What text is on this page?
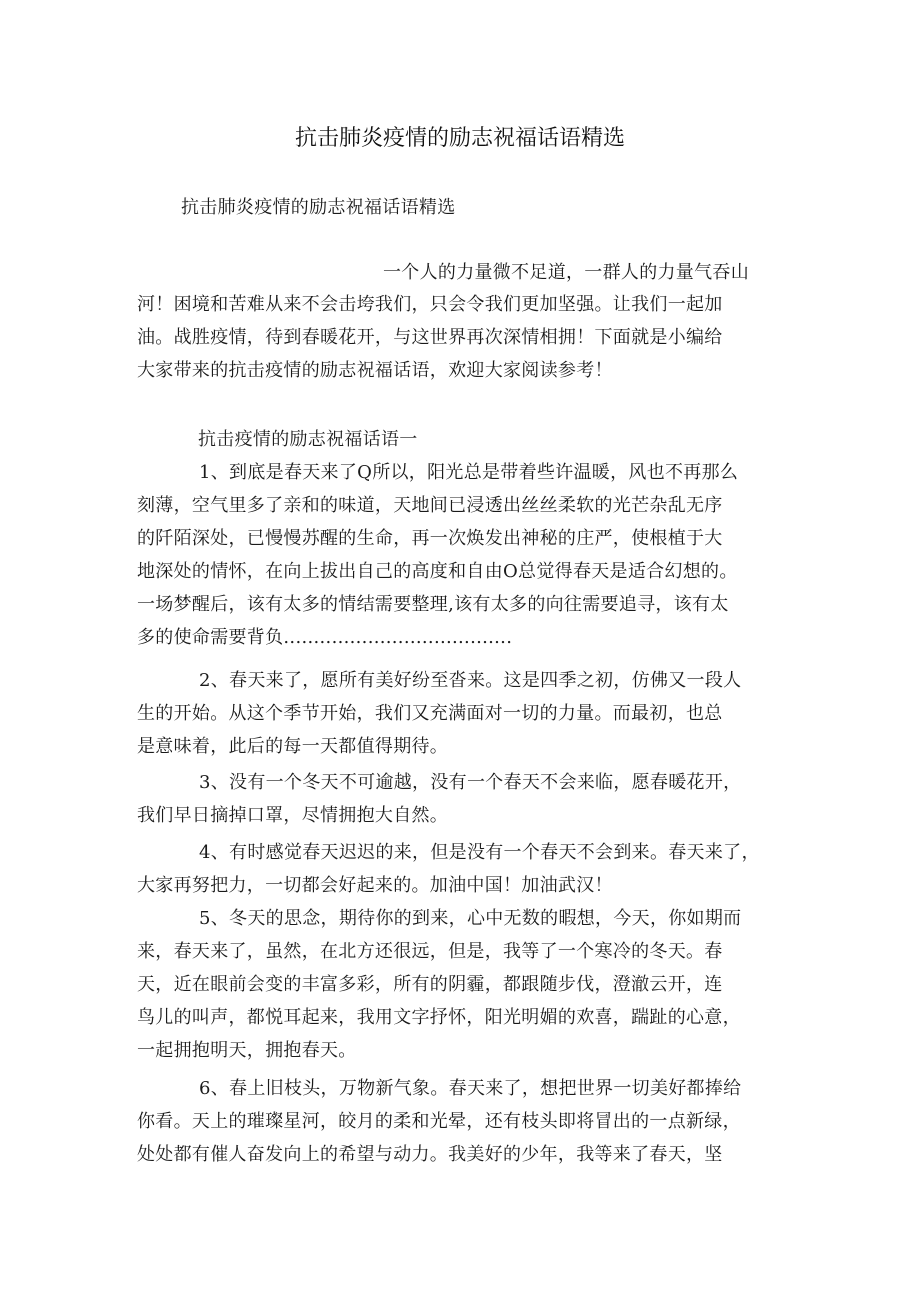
抗击肺炎疫情的励志祝福话语精选
抗击肺炎疫情的励志祝福话语精选
一个人的力量微不足道，一群人的力量气吞山
河！困境和苦难从来不会击垮我们，只会令我们更加坚强。让我们一起加
油。战胜疫情，待到春暖花开，与这世界再次深情相拥！下面就是小编给
大家带来的抗击疫情的励志祝福话语，欢迎大家阅读参考！
抗击疫情的励志祝福话语一
1、到底是春天来了Q所以，阳光总是带着些许温暖，风也不再那么
刻薄，空气里多了亲和的味道，天地间已浸透出丝丝柔软的光芒杂乱无序
的阡陌深处，已慢慢苏醒的生命，再一次焕发出神秘的庄严，使根植于大
地深处的情怀，在向上拔出自己的高度和自由O总觉得春天是适合幻想的。
一场梦醒后，该有太多的情结需要整理,该有太多的向往需要追寻，该有太
多的使命需要背负......................................
2、春天来了，愿所有美好纷至沓来。这是四季之初，仿佛又一段人
生的开始。从这个季节开始，我们又充满面对一切的力量。而最初，也总
是意味着，此后的每一天都值得期待。
3、没有一个冬天不可逾越，没有一个春天不会来临，愿春暖花开，
我们早日摘掉口罩，尽情拥抱大自然。
4、有时感觉春天迟迟的来，但是没有一个春天不会到来。春天来了，
大家再努把力，一切都会好起来的。加油中国！加油武汉！
5、冬天的思念，期待你的到来，心中无数的暇想，今天，你如期而
来，春天来了，虽然，在北方还很远，但是，我等了一个寒冷的冬天。春
天，近在眼前会变的丰富多彩，所有的阴霾，都跟随步伐，澄澈云开，连
鸟儿的叫声，都悦耳起来，我用文字抒怀，阳光明媚的欢喜，踹趾的心意，
一起拥抱明天，拥抱春天。
6、春上旧枝头，万物新气象。春天来了，想把世界一切美好都捧给
你看。天上的璀璨星河，皎月的柔和光晕，还有枝头即将冒出的一点新绿，
处处都有催人奋发向上的希望与动力。我美好的少年，我等来了春天，坚
